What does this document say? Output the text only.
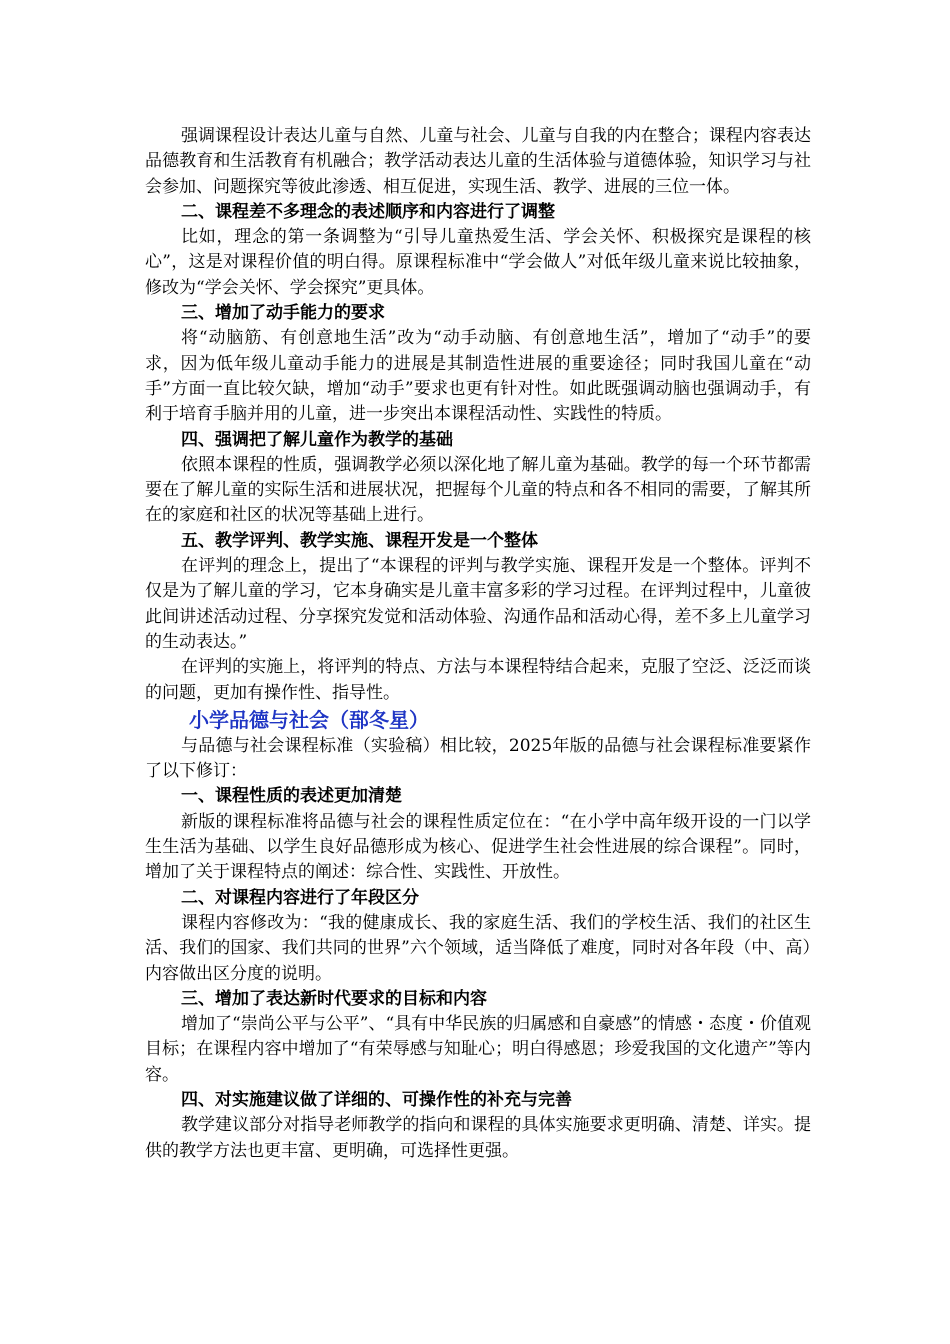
强调课程设计表达儿童与自然、儿童与社会、儿童与自我的内在整合；课程内容表达品德教育和生活教育有机融合；教学活动表达儿童的生活体验与道德体验，知识学习与社会参加、问题探究等彼此渗透、相互促进，实现生活、教学、进展的三位一体。

二、课程差不多理念的表述顺序和内容进行了调整

比如，理念的第一条调整为“引导儿童热爱生活、学会关怀、积极探究是课程的核心”，这是对课程价值的明白得。原课程标准中“学会做人”对低年级儿童来说比较抽象，修改为“学会关怀、学会探究”更具体。

三、增加了动手能力的要求

将“动脑筋、有创意地生活”改为“动手动脑、有创意地生活”，增加了“动手”的要求，因为低年级儿童动手能力的进展是其制造性进展的重要途径；同时我国儿童在“动手”方面一直比较欠缺，增加“动手”要求也更有针对性。如此既强调动脑也强调动手，有利于培育手脑并用的儿童，进一步突出本课程活动性、实践性的特质。

四、强调把了解儿童作为教学的基础

依照本课程的性质，强调教学必须以深化地了解儿童为基础。教学的每一个环节都需要在了解儿童的实际生活和进展状况，把握每个儿童的特点和各不相同的需要，了解其所在的家庭和社区的状况等基础上进行。

五、教学评判、教学实施、课程开发是一个整体

在评判的理念上，提出了“本课程的评判与教学实施、课程开发是一个整体。评判不仅是为了解儿童的学习，它本身确实是儿童丰富多彩的学习过程。在评判过程中，儿童彼此间讲述活动过程、分享探究发觉和活动体验、沟通作品和活动心得，差不多上儿童学习的生动表达。”

在评判的实施上，将评判的特点、方法与本课程特结合起来，克服了空泛、泛泛而谈的问题，更加有操作性、指导性。

小学品德与社会（郚冬星）

与品德与社会课程标准（实验稿）相比较，2025年版的品德与社会课程标准要紧作了以下修订：

一、课程性质的表述更加清楚

新版的课程标准将品德与社会的课程性质定位在：“在小学中高年级开设的一门以学生生活为基础、以学生良好品德形成为核心、促进学生社会性进展的综合课程”。同时，增加了关于课程特点的阐述：综合性、实践性、开放性。

二、对课程内容进行了年段区分

课程内容修改为：“我的健康成长、我的家庭生活、我们的学校生活、我们的社区生活、我们的国家、我们共同的世界”六个领域，适当降低了难度，同时对各年段（中、高）内容做出区分度的说明。

三、增加了表达新时代要求的目标和内容

增加了“崇尚公平与公平”、“具有中华民族的归属感和自豪感”的情感・态度・价值观目标；在课程内容中增加了“有荣辱感与知耻心；明白得感恩；珍爱我国的文化遗产”等内容。

四、对实施建议做了详细的、可操作性的补充与完善

教学建议部分对指导老师教学的指向和课程的具体实施要求更明确、清楚、详实。提供的教学方法也更丰富、更明确，可选择性更强。
